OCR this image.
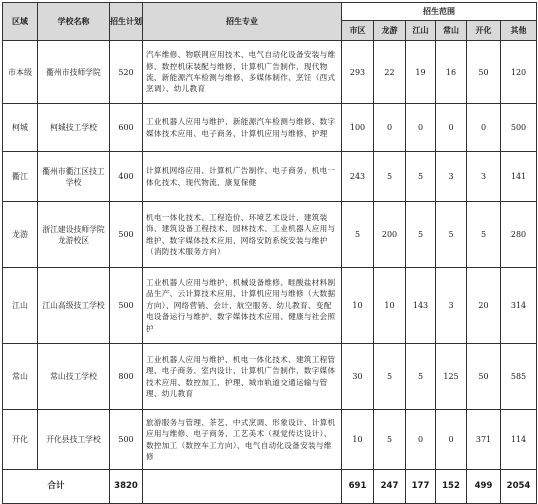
区域	学校名称	招生计划	招生专业	招生范围					
				市区	龙游	江山	常山	开化	其他
市本级	衢州市技师学院	520	汽车维修、物联网应用技术、电气自动化设备安装与维修、数控机床装配与维修、计算机广告制作、现代物流、新能源汽车检测与维修、多媒体制作、烹饪（西式烹调）、幼儿教育	293	22	19	16	50	120
柯城	柯城技工学校	600	工业机器人应用与维护、新能源汽车检测与维修、数字媒体技术应用、电子商务、计算机应用与维修、护理	100	0	0	0	0	500
衢江	衢州市衢江区技工学校	400	计算机网络应用、计算机广告制作、电子商务、机电一体化技术、现代物流、康复保健	243	5	5	3	3	141
龙游	浙江建设技师学院龙游校区	500	机电一体化技术、工程造价、环境艺术设计、建筑装饰、建筑设备工程技术、园林技术、工业机器人应用与维护、数字媒体技术应用、网络安防系统安装与维护（消防技术服务方向）	5	200	5	5	5	280
江山	江山高级技工学校	500	工业机器人应用与维护、机械设备维修、畦酸盐材料制品生产、云计算技术应用、计算机应用与维修（大数据方向）、网络营销、会计、航空服务、幼儿教育、变配电设备运行与维护、数字媒体技术应用、健康与社会照护	10	10	143	3	20	314
常山	常山技工学校	800	工业机器人应用与维护、机电一体化技术、建筑工程管理、电子商务、室内设计、计算机广告制作、数字媒体技术应用、数控加工、护理、城市轨道交通运输与管理、幼儿教育	30	5	5	125	50	585
开化	开化县技工学校	500	旅游服务与管理、茶艺、中式烹调、形象设计、计算机应用与维修、电子商务、工艺美术（视觉传达设计）、数控加工（数控车工方向）、电气自动化设备安装与维修	10	5	0	0	371	114
合计		3820		691	247	177	152	499	2054
